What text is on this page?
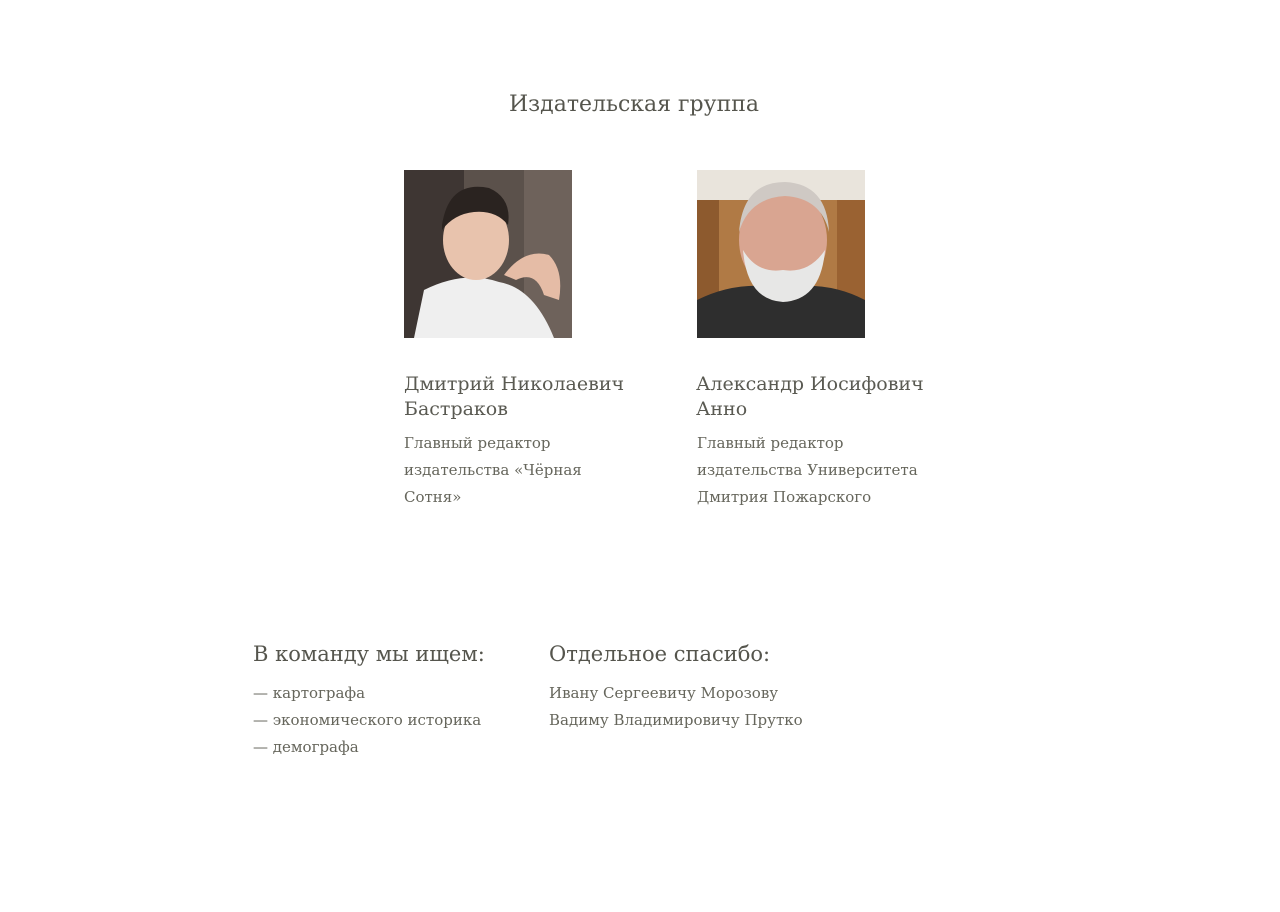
Издательская группа
Дмитрий Николаевич
Бастраков

Главный редактор
издательства «Чёрная
Сотня»

Александр Иосифович
Анно

Главный редактор
издательства Университета
Дмитрия Пожарского

В команду мы ищем:
— картографа
— экономического историка
— демографа
Отдельное спасибо:
Ивану Сергеевичу Морозову
Вадиму Владимировичу Прутко
